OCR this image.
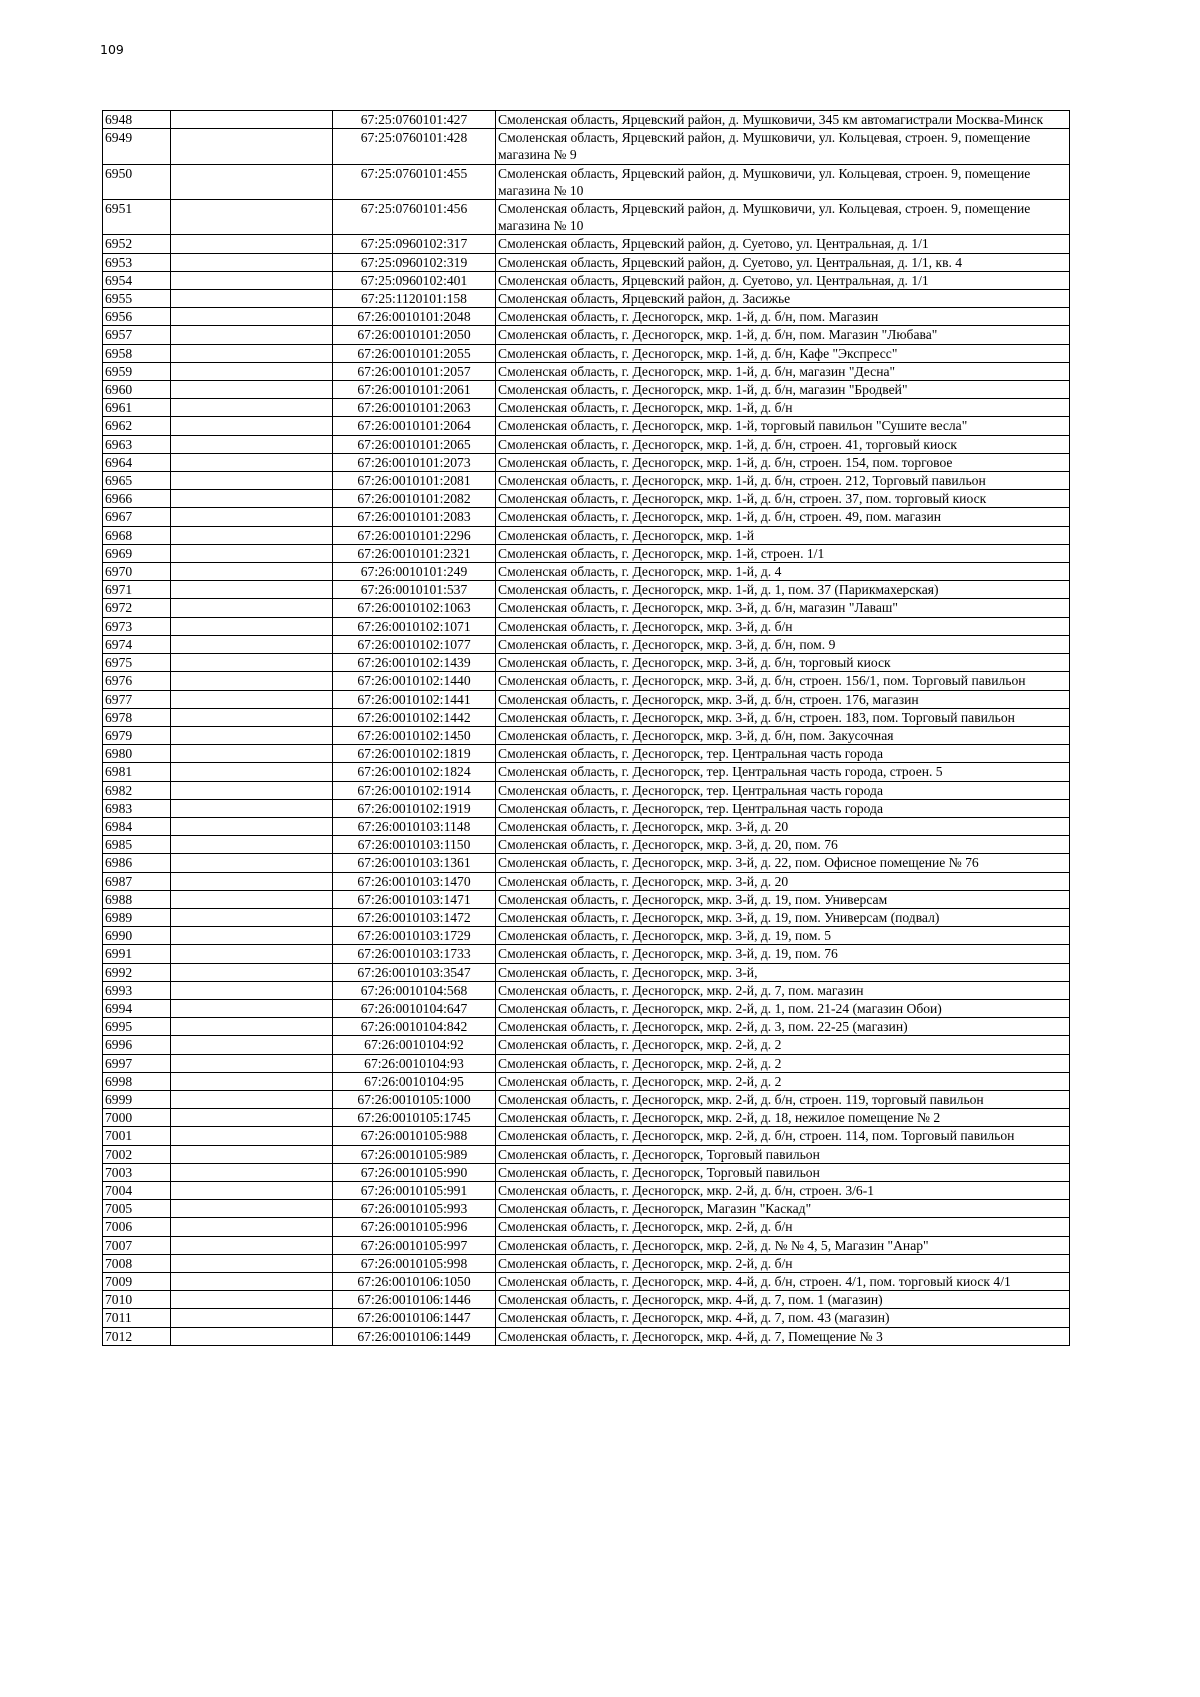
109
6948		67:25:0760101:427	Смоленская область, Ярцевский район, д. Мушковичи, 345 км автомагистрали Москва-Минск
6949		67:25:0760101:428	Смоленская область, Ярцевский район, д. Мушковичи, ул. Кольцевая, строен. 9, помещение магазина № 9
6950		67:25:0760101:455	Смоленская область, Ярцевский район, д. Мушковичи, ул. Кольцевая, строен. 9, помещение магазина № 10
6951		67:25:0760101:456	Смоленская область, Ярцевский район, д. Мушковичи, ул. Кольцевая, строен. 9, помещение магазина № 10
6952		67:25:0960102:317	Смоленская область, Ярцевский район, д. Суетово, ул. Центральная, д. 1/1
6953		67:25:0960102:319	Смоленская область, Ярцевский район, д. Суетово, ул. Центральная, д. 1/1, кв. 4
6954		67:25:0960102:401	Смоленская область, Ярцевский район, д. Суетово, ул. Центральная, д. 1/1
6955		67:25:1120101:158	Смоленская область, Ярцевский район, д. Засижье
6956		67:26:0010101:2048	Смоленская область, г. Десногорск, мкр. 1-й, д. б/н, пом. Магазин
6957		67:26:0010101:2050	Смоленская область, г. Десногорск, мкр. 1-й, д. б/н, пом. Магазин "Любава"
6958		67:26:0010101:2055	Смоленская область, г. Десногорск, мкр. 1-й, д. б/н, Кафе "Экспресс"
6959		67:26:0010101:2057	Смоленская область, г. Десногорск, мкр. 1-й, д. б/н, магазин "Десна"
6960		67:26:0010101:2061	Смоленская область, г. Десногорск, мкр. 1-й, д. б/н, магазин "Бродвей"
6961		67:26:0010101:2063	Смоленская область, г. Десногорск, мкр. 1-й, д. б/н
6962		67:26:0010101:2064	Смоленская область, г. Десногорск, мкр. 1-й, торговый павильон "Сушите весла"
6963		67:26:0010101:2065	Смоленская область, г. Десногорск, мкр. 1-й, д. б/н, строен. 41, торговый киоск
6964		67:26:0010101:2073	Смоленская область, г. Десногорск, мкр. 1-й, д. б/н, строен. 154, пом. торговое
6965		67:26:0010101:2081	Смоленская область, г. Десногорск, мкр. 1-й, д. б/н, строен. 212, Торговый павильон
6966		67:26:0010101:2082	Смоленская область, г. Десногорск, мкр. 1-й, д. б/н, строен. 37, пом. торговый киоск
6967		67:26:0010101:2083	Смоленская область, г. Десногорск, мкр. 1-й, д. б/н, строен. 49, пом. магазин
6968		67:26:0010101:2296	Смоленская область, г. Десногорск, мкр. 1-й
6969		67:26:0010101:2321	Смоленская область, г. Десногорск, мкр. 1-й, строен. 1/1
6970		67:26:0010101:249	Смоленская область, г. Десногорск, мкр. 1-й, д. 4
6971		67:26:0010101:537	Смоленская область, г. Десногорск, мкр. 1-й, д. 1, пом. 37 (Парикмахерская)
6972		67:26:0010102:1063	Смоленская область, г. Десногорск, мкр. 3-й, д. б/н, магазин "Лаваш"
6973		67:26:0010102:1071	Смоленская область, г. Десногорск, мкр. 3-й, д. б/н
6974		67:26:0010102:1077	Смоленская область, г. Десногорск, мкр. 3-й, д. б/н, пом. 9
6975		67:26:0010102:1439	Смоленская область, г. Десногорск, мкр. 3-й, д. б/н, торговый киоск
6976		67:26:0010102:1440	Смоленская область, г. Десногорск, мкр. 3-й, д. б/н, строен. 156/1, пом. Торговый павильон
6977		67:26:0010102:1441	Смоленская область, г. Десногорск, мкр. 3-й, д. б/н, строен. 176, магазин
6978		67:26:0010102:1442	Смоленская область, г. Десногорск, мкр. 3-й, д. б/н, строен. 183, пом. Торговый павильон
6979		67:26:0010102:1450	Смоленская область, г. Десногорск, мкр. 3-й, д. б/н, пом. Закусочная
6980		67:26:0010102:1819	Смоленская область, г. Десногорск, тер. Центральная часть города
6981		67:26:0010102:1824	Смоленская область, г. Десногорск, тер. Центральная часть города, строен. 5
6982		67:26:0010102:1914	Смоленская область, г. Десногорск, тер. Центральная часть города
6983		67:26:0010102:1919	Смоленская область, г. Десногорск, тер. Центральная часть города
6984		67:26:0010103:1148	Смоленская область, г. Десногорск, мкр. 3-й, д. 20
6985		67:26:0010103:1150	Смоленская область, г. Десногорск, мкр. 3-й, д. 20, пом. 76
6986		67:26:0010103:1361	Смоленская область, г. Десногорск, мкр. 3-й, д. 22, пом. Офисное помещение № 76
6987		67:26:0010103:1470	Смоленская область, г. Десногорск, мкр. 3-й, д. 20
6988		67:26:0010103:1471	Смоленская область, г. Десногорск, мкр. 3-й, д. 19, пом. Универсам
6989		67:26:0010103:1472	Смоленская область, г. Десногорск, мкр. 3-й, д. 19, пом. Универсам (подвал)
6990		67:26:0010103:1729	Смоленская область, г. Десногорск, мкр. 3-й, д. 19, пом. 5
6991		67:26:0010103:1733	Смоленская область, г. Десногорск, мкр. 3-й, д. 19, пом. 76
6992		67:26:0010103:3547	Смоленская область, г. Десногорск, мкр. 3-й,
6993		67:26:0010104:568	Смоленская область, г. Десногорск, мкр. 2-й, д. 7, пом. магазин
6994		67:26:0010104:647	Смоленская область, г. Десногорск, мкр. 2-й, д. 1, пом. 21-24 (магазин Обои)
6995		67:26:0010104:842	Смоленская область, г. Десногорск, мкр. 2-й, д. 3, пом. 22-25 (магазин)
6996		67:26:0010104:92	Смоленская область, г. Десногорск, мкр. 2-й, д. 2
6997		67:26:0010104:93	Смоленская область, г. Десногорск, мкр. 2-й, д. 2
6998		67:26:0010104:95	Смоленская область, г. Десногорск, мкр. 2-й, д. 2
6999		67:26:0010105:1000	Смоленская область, г. Десногорск, мкр. 2-й, д. б/н, строен. 119, торговый павильон
7000		67:26:0010105:1745	Смоленская область, г. Десногорск, мкр. 2-й, д. 18, нежилое помещение № 2
7001		67:26:0010105:988	Смоленская область, г. Десногорск, мкр. 2-й, д. б/н, строен. 114, пом. Торговый павильон
7002		67:26:0010105:989	Смоленская область, г. Десногорск, Торговый павильон
7003		67:26:0010105:990	Смоленская область, г. Десногорск, Торговый павильон
7004		67:26:0010105:991	Смоленская область, г. Десногорск, мкр. 2-й, д. б/н, строен. 3/6-1
7005		67:26:0010105:993	Смоленская область, г. Десногорск, Магазин "Каскад"
7006		67:26:0010105:996	Смоленская область, г. Десногорск, мкр. 2-й, д. б/н
7007		67:26:0010105:997	Смоленская область, г. Десногорск, мкр. 2-й, д. № № 4, 5, Магазин "Анар"
7008		67:26:0010105:998	Смоленская область, г. Десногорск, мкр. 2-й, д. б/н
7009		67:26:0010106:1050	Смоленская область, г. Десногорск, мкр. 4-й, д. б/н, строен. 4/1, пом. торговый киоск 4/1
7010		67:26:0010106:1446	Смоленская область, г. Десногорск, мкр. 4-й, д. 7, пом. 1 (магазин)
7011		67:26:0010106:1447	Смоленская область, г. Десногорск, мкр. 4-й, д. 7, пом. 43 (магазин)
7012		67:26:0010106:1449	Смоленская область, г. Десногорск, мкр. 4-й, д. 7, Помещение № 3
